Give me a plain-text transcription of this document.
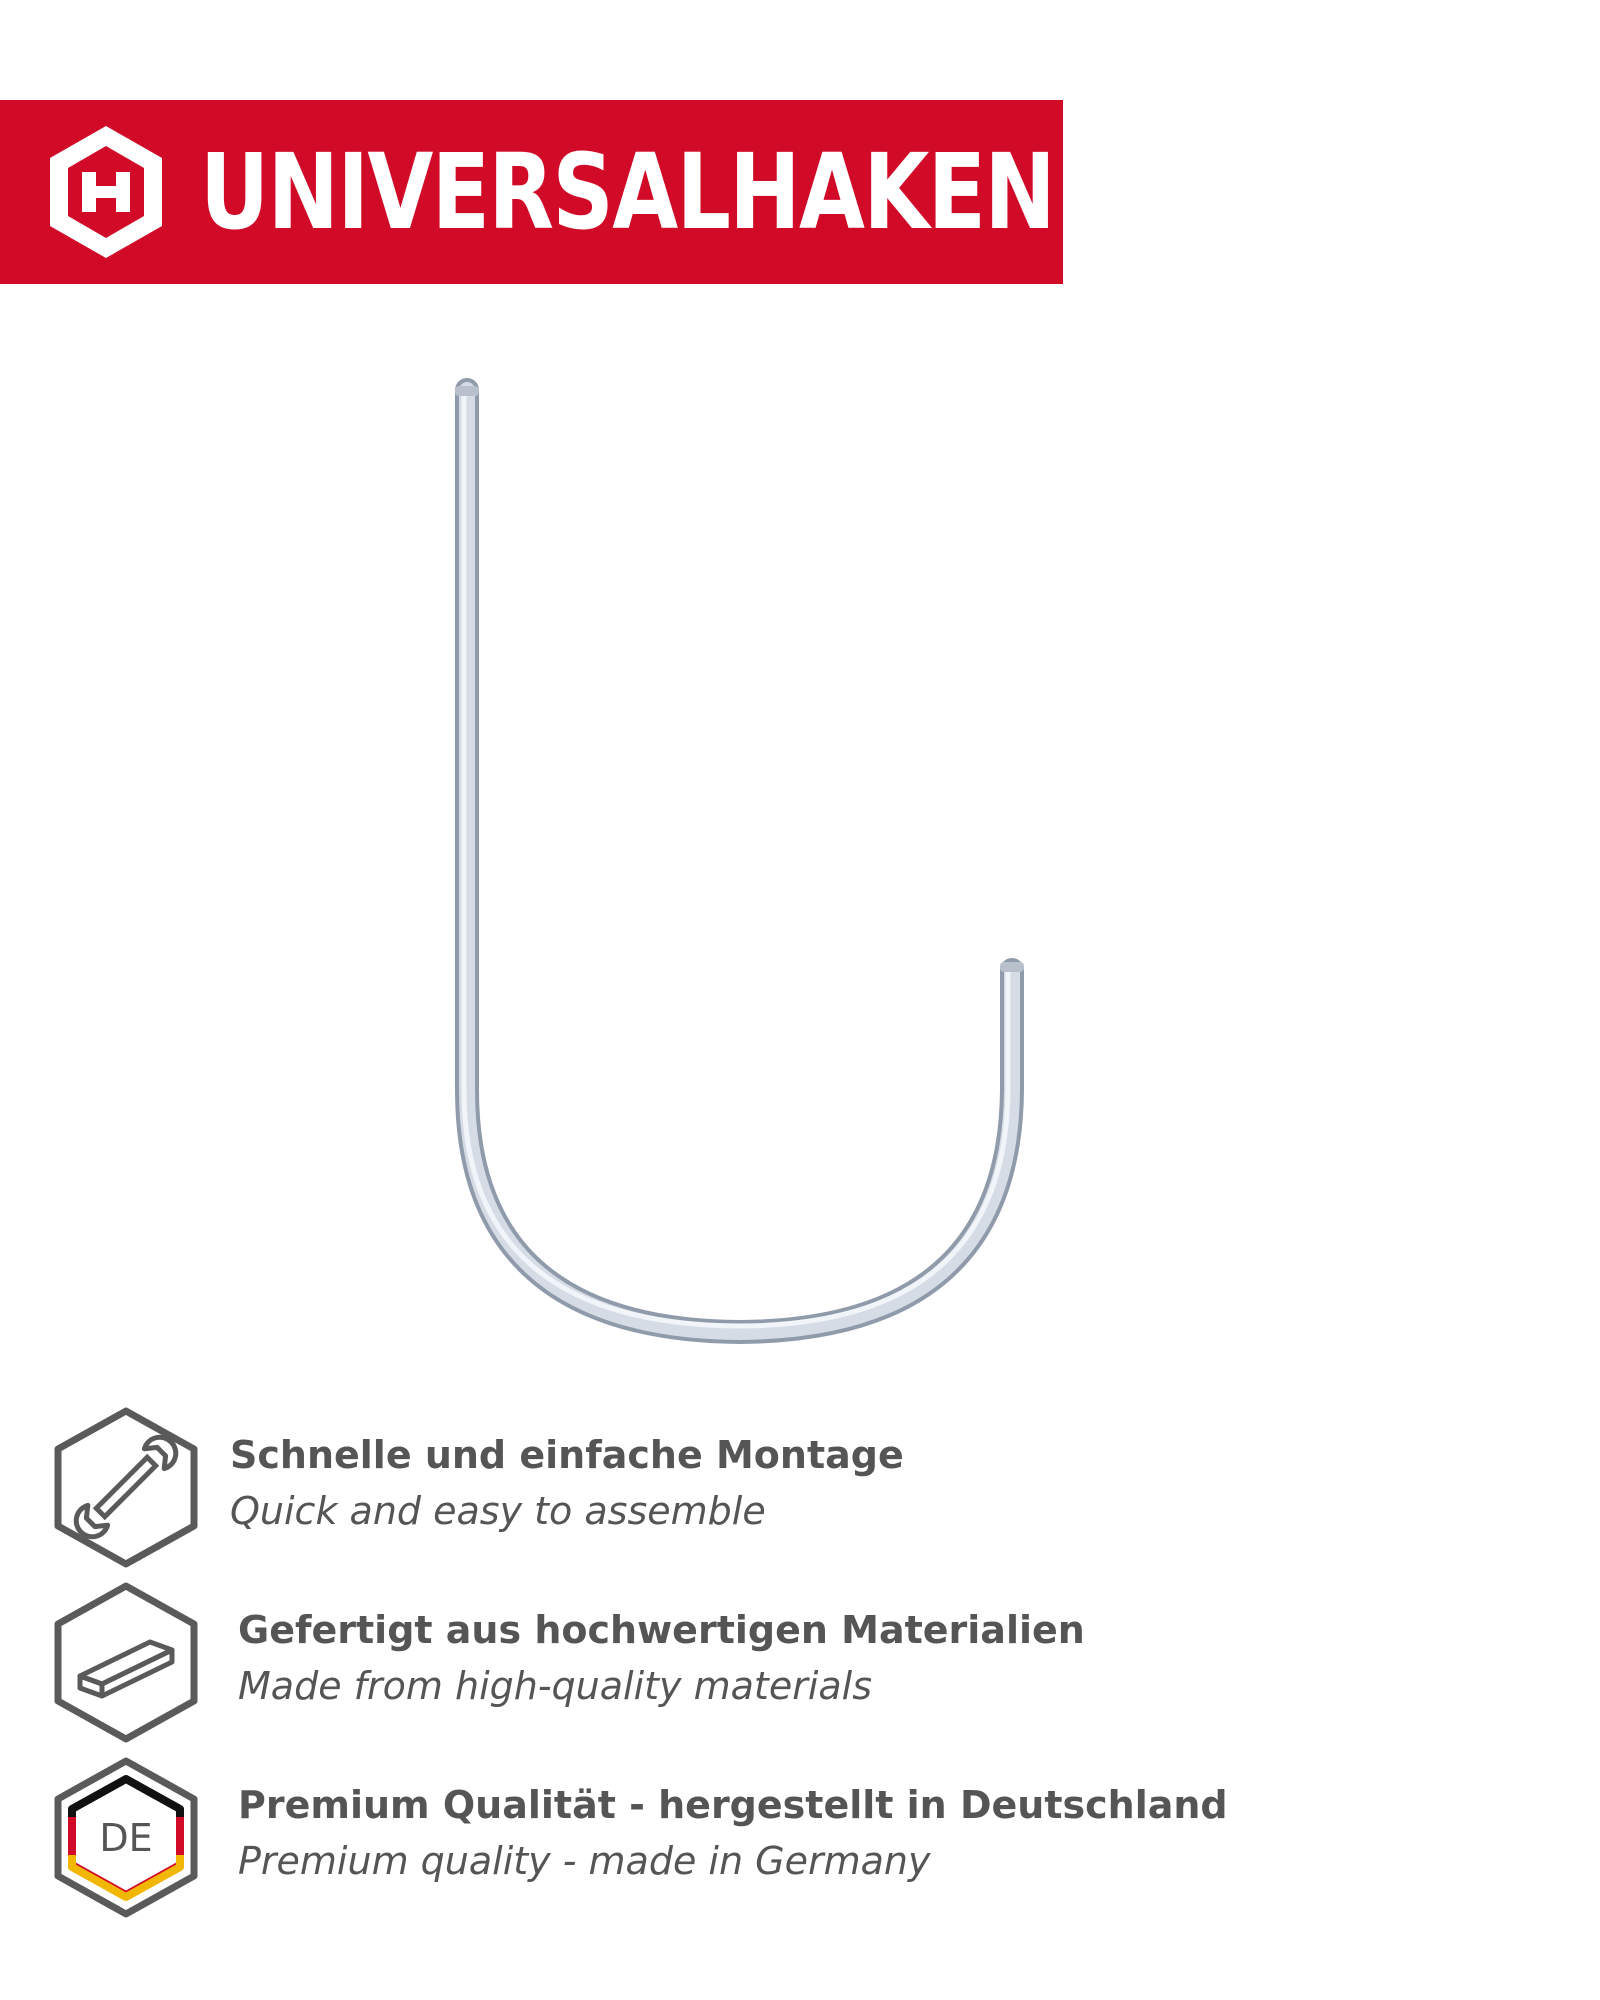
UNIVERSALHAKEN
Schnelle und einfache Montage
Quick and easy to assemble
Gefertigt aus hochwertigen Materialien
Made from high-quality materials
DE
Premium Qualität - hergestellt in Deutschland
Premium quality - made in Germany
